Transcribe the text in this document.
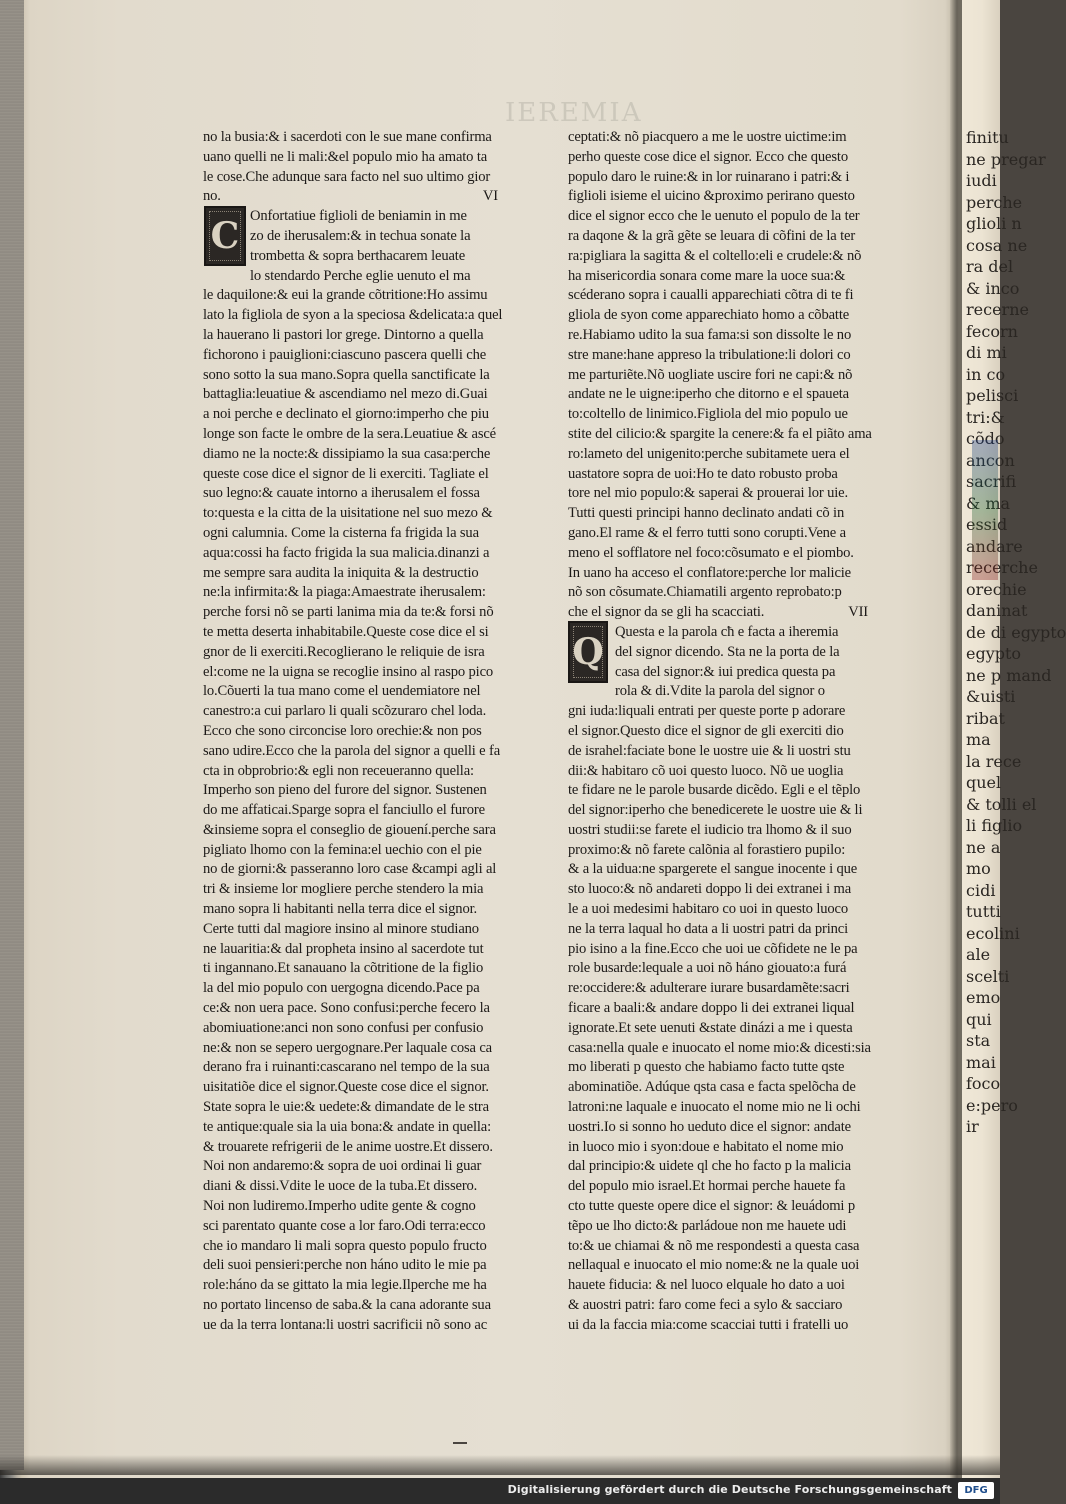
IEREMIA
no la busia:& i sacerdoti con le sue mane confirma
uano quelli ne li mali:&el populo mio ha amato ta
le cose.Che adunque sara facto nel suo ultimo gior
no.	VI
Onfortatiue figlioli de beniamin in me
zo de iherusalem:& in techua sonate la
trombetta & sopra berthacarem leuate
lo stendardo Perche eglie uenuto el ma
le daquilone:& eui la grande cõtritione:Ho assimu
lato la figliola de syon a la speciosa &delicata:a quel
la hauerano li pastori lor grege. Dintorno a quella
fichorono i pauiglioni:ciascuno pascera quelli che
sono sotto la sua mano.Sopra quella sanctificate la
battaglia:leuatiue & ascendiamo nel mezo di.Guai
a noi perche e declinato el giorno:imperho che piu
longe son facte le ombre de la sera.Leuatiue & ascé
diamo ne la nocte:& dissipiamo la sua casa:perche
queste cose dice el signor de li exerciti. Tagliate el
suo legno:& cauate intorno a iherusalem el fossa
to:questa e la citta de la uisitatione nel suo mezo &
ogni calumnia. Come la cisterna fa frigida la sua
aqua:cossi ha facto frigida la sua malicia.dinanzi a
me sempre sara audita la iniquita & la destructio
ne:la infirmita:& la piaga:Amaestrate iherusalem:
perche forsi nõ se parti lanima mia da te:& forsi nõ
te metta deserta inhabitabile.Queste cose dice el si
gnor de li exerciti.Recoglierano le reliquie de isra
el:come ne la uigna se recoglie insino al raspo pico
lo.Cõuerti la tua mano come el uendemiatore nel
canestro:a cui parlaro li quali scõzuraro chel loda.
Ecco che sono circoncise loro orechie:& non pos
sano udire.Ecco che la parola del signor a quelli e fa
cta in obprobrio:& egli non receueranno quella:
Imperho son pieno del furore del signor. Sustenen
do me affaticai.Sparge sopra el fanciullo el furore
&insieme sopra el conseglio de giouení.perche sara
pigliato lhomo con la femina:el uechio con el pie
no de giorni:& passeranno loro case &campi agli al
tri & insieme lor mogliere perche stendero la mia
mano sopra li habitanti nella terra dice el signor.
Certe tutti dal magiore insino al minore studiano
ne lauaritia:& dal propheta insino al sacerdote tut
ti ingannano.Et sanauano la cõtritione de la figlio
la del mio populo con uergogna dicendo.Pace pa
ce:& non uera pace. Sono confusi:perche fecero la
abomiuatione:anci non sono confusi per confusio
ne:& non se sepero uergognare.Per laquale cosa ca
derano fra i ruinanti:cascarano nel tempo de la sua
uisitatiõe dice el signor.Queste cose dice el signor.
State sopra le uie:& uedete:& dimandate de le stra
te antique:quale sia la uia bona:& andate in quella:
& trouarete refrigerii de le anime uostre.Et dissero.
Noi non andaremo:& sopra de uoi ordinai li guar
diani & dissi.Vdite le uoce de la tuba.Et dissero.
Noi non ludiremo.Imperho udite gente & cogno
sci parentato quante cose a lor faro.Odi terra:ecco
che io mandaro li mali sopra questo populo fructo
deli suoi pensieri:perche non háno udito le mie pa
role:háno da se gittato la mia legie.Ilperche me ha
no portato lincenso de saba.& la cana adorante sua
ue da la terra lontana:li uostri sacrificii nõ sono ac
ceptati:& nõ piacquero a me le uostre uictime:im
perho queste cose dice el signor. Ecco che questo
populo daro le ruine:& in lor ruinarano i patri:& i
figlioli isieme el uicino &proximo perirano questo
dice el signor ecco che le uenuto el populo de la ter
ra daqone & la grã gẽte se leuara di cõfini de la ter
ra:pigliara la sagitta & el coltello:eli e crudele:& nõ
ha misericordia sonara come mare la uoce sua:&
scéderano sopra i caualli apparechiati cõtra di te fi
gliola de syon come apparechiato homo a cõbatte
re.Habiamo udito la sua fama:si son dissolte le no
stre mane:hane appreso la tribulatione:li dolori co
me parturiẽte.Nõ uogliate uscire fori ne capi:& nõ
andate ne le uigne:iperho che ditorno e el spaueta
to:coltello de linimico.Figliola del mio populo ue
stite del cilicio:& spargite la cenere:& fa el piãto ama
ro:lameto del unigenito:perche subitamete uera el
uastatore sopra de uoi:Ho te dato robusto proba
tore nel mio populo:& saperai & prouerai lor uie.
Tutti questi principi hanno declinato andati cõ in
gano.El rame & el ferro tutti sono corupti.Vene a
meno el sofflatore nel foco:cõsumato e el piombo.
In uano ha acceso el conflatore:perche lor malicie
nõ son cõsumate.Chiamatili argento reprobato:p
che el signor da se gli ha scacciati.	VII
Questa e la parola cħ e facta a iheremia
del signor dicendo. Sta ne la porta de la
casa del signor:& iui predica questa pa
rola & di.Vdite la parola del signor o
gni iuda:liquali entrati per queste porte p adorare
el signor.Questo dice el signor de gli exerciti dio
de israhel:faciate bone le uostre uie & li uostri stu
dii:& habitaro cõ uoi questo luoco. Nõ ue uoglia
te fidare ne le parole busarde dicẽdo. Egli e el tẽplo
del signor:iperho che benedicerete le uostre uie & li
uostri studii:se farete el iudicio tra lhomo & il suo
proximo:& nõ farete calõnia al forastiero pupilo:
& a la uidua:ne spargerete el sangue inocente i que
sto luoco:& nõ andareti doppo li dei extranei i ma
le a uoi medesimi habitaro co uoi in questo luoco
ne la terra laqual ho data a li uostri patri da princi
pio isino a la fine.Ecco che uoi ue cõfidete ne le pa
role busarde:lequale a uoi nõ háno giouato:a furá
re:occidere:& adulterare iurare busardamẽte:sacri
ficare a baali:& andare doppo li dei extranei liqual
ignorate.Et sete uenuti &state dinázi a me i questa
casa:nella quale e inuocato el nome mio:& dicesti:sia
mo liberati p questo che habiamo facto tutte qste
abominatiõe. Adúque qsta casa e facta spelõcha de
latroni:ne laquale e inuocato el nome mio ne li ochi
uostri.Io si sonno ho ueduto dice el signor: andate
in luoco mio i syon:doue e habitato el nome mio
dal principio:& uidete ql che ho facto p la malicia
del populo mio israel.Et hormai perche hauete fa
cto tutte queste opere dice el signor: & leuádomi p
tẽpo ue lho dicto:& parládoue non me hauete udi
to:& ue chiamai & nõ me respondesti a questa casa
nellaqual e inuocato el mio nome:& ne la quale uoi
hauete fiducia: & nel luoco elquale ho dato a uoi
& auostri patri: faro come feci a sylo & sacciaro
ui da la faccia mia:come scacciai tutti i fratelli uo
C
Q
finitu
ne pregar
iudi
perche
glioli n
cosa ne
ra del
& inco
recerne
fecorn
di mi
in co
pelisci
tri:&
cõdo
ancon
sacrifi
& ma
essid
andare
recerche
orechie
daninat
de di egypto
egypto
ne p mand
&uisti
ribat
ma
la rece
quel
& tolli el
li figlio
ne a
mo
cidi
tutti
ecolini
ale
scelti
emo
qui
sta
mai
foco
e:pero
ir
Digitalisierung gefördert durch die Deutsche Forschungsgemeinschaft DFG
